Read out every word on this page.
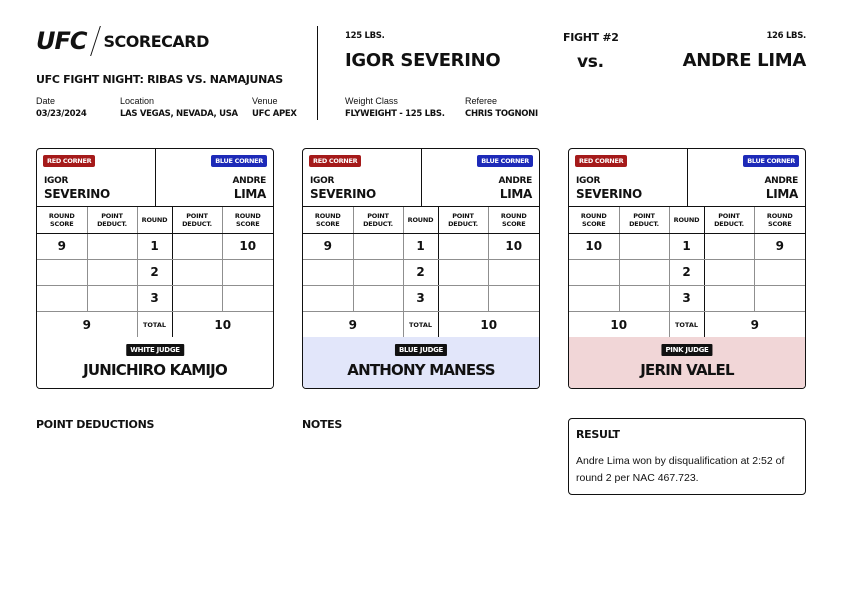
UFC SCORECARD
UFC FIGHT NIGHT: RIBAS VS. NAMAJUNAS
Date
03/23/2024
Location
LAS VEGAS, NEVADA, USA
Venue
UFC APEX
125 LBS.
IGOR SEVERINO
FIGHT #2
vs.
126 LBS.
ANDRE LIMA
Weight Class
FLYWEIGHT - 125 LBS.
Referee
CHRIS TOGNONI
RED CORNER	BLUE CORNER
IGOR
SEVERINO
ANDRE
LIMA
ROUND SCORE	POINT DEDUCT.	ROUND	POINT DEDUCT.	ROUND SCORE
9		1		10
		2		
		3		
9		TOTAL	10	
WHITE JUDGE
JUNICHIRO KAMIJO
RED CORNER	BLUE CORNER
IGOR
SEVERINO
ANDRE
LIMA
ROUND SCORE	POINT DEDUCT.	ROUND	POINT DEDUCT.	ROUND SCORE
9		1		10
		2		
		3		
9		TOTAL	10	
BLUE JUDGE
ANTHONY MANESS
RED CORNER	BLUE CORNER
IGOR
SEVERINO
ANDRE
LIMA
ROUND SCORE	POINT DEDUCT.	ROUND	POINT DEDUCT.	ROUND SCORE
10		1		9
		2		
		3		
10		TOTAL	9	
PINK JUDGE
JERIN VALEL
POINT DEDUCTIONS	NOTES
RESULT
Andre Lima won by disqualification at 2:52 of round 2 per NAC 467.723.
